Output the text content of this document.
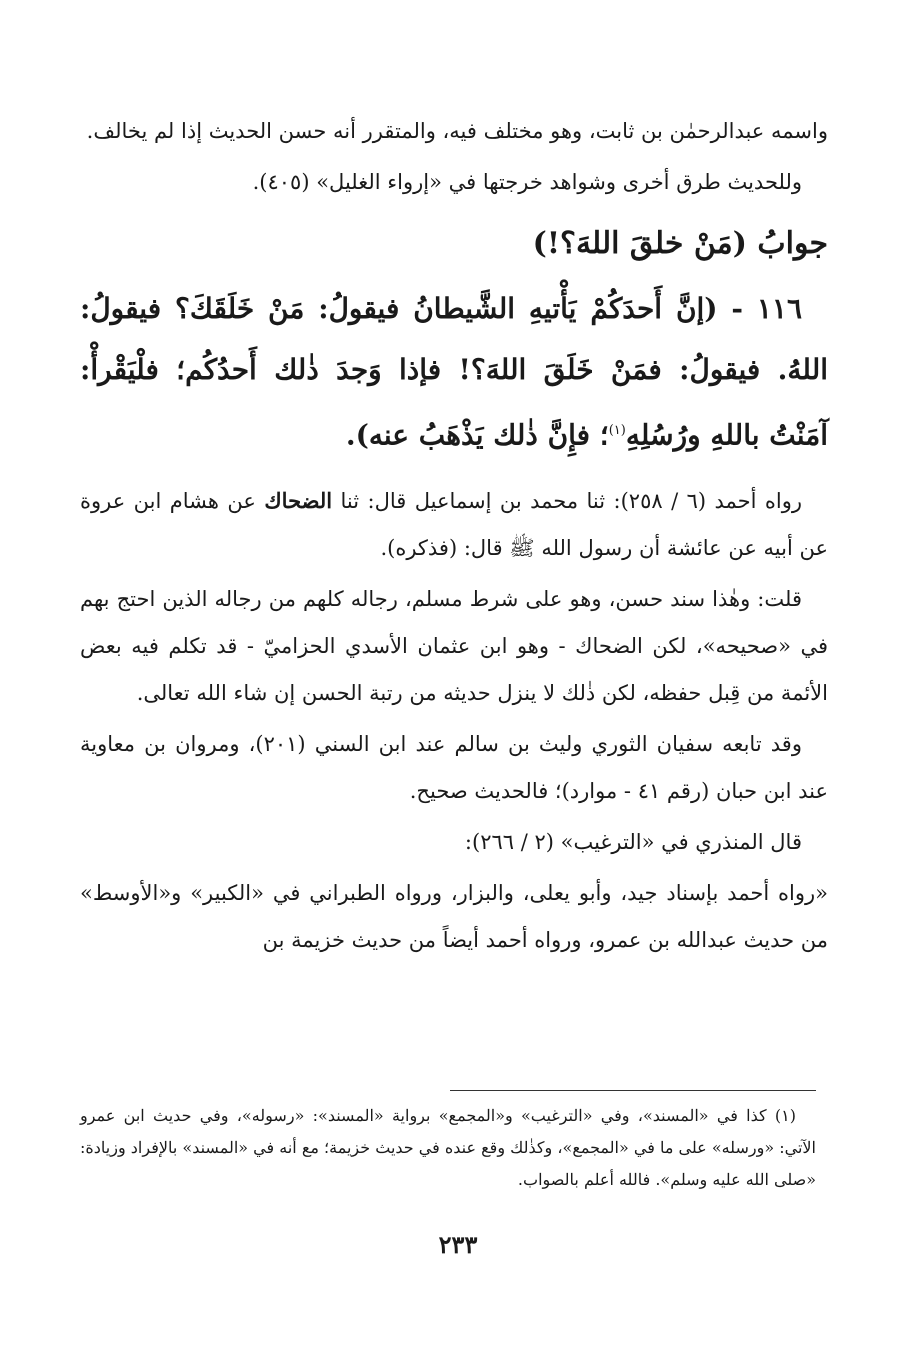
واسمه عبدالرحمٰن بن ثابت، وهو مختلف فيه، والمتقرر أنه حسن الحديث إذا لم يخالف.

وللحديث طرق أخرى وشواهد خرجتها في «إرواء الغليل» (٤٠٥).

جوابُ (مَنْ خلقَ اللهَ؟!)

١١٦ - (إنَّ أَحدَكُمْ يَأْتيهِ الشَّيطانُ فيقولُ: مَنْ خَلَقَكَ؟ فيقولُ: اللهُ. فيقولُ: فمَنْ خَلَقَ اللهَ؟! فإذا وَجدَ ذٰلك أَحدُكُم؛ فلْيَقْرأْ: آمَنْتُ باللهِ ورُسُلِهِ$^{(١)}$؛ فإِنَّ ذٰلك يَذْهَبُ عنه).

رواه أحمد (٦ / ٢٥٨): ثنا محمد بن إسماعيل قال: ثنا الضحاك عن هشام ابن عروة عن أبيه عن عائشة أن رسول الله ﷺ قال: (فذكره).

قلت: وهٰذا سند حسن، وهو على شرط مسلم، رجاله كلهم من رجاله الذين احتج بهم في «صحيحه»، لكن الضحاك - وهو ابن عثمان الأسدي الحزاميّ - قد تكلم فيه بعض الأئمة من قِبل حفظه، لكن ذٰلك لا ينزل حديثه من رتبة الحسن إن شاء الله تعالى.

وقد تابعه سفيان الثوري وليث بن سالم عند ابن السني (٢٠١)، ومروان بن معاوية عند ابن حبان (رقم ٤١ - موارد)؛ فالحديث صحيح.

قال المنذري في «الترغيب» (٢ / ٢٦٦):

«رواه أحمد بإسناد جيد، وأبو يعلى، والبزار، ورواه الطبراني في «الكبير» و«الأوسط» من حديث عبدالله بن عمرو، ورواه أحمد أيضاً من حديث خزيمة بن

(١) كذا في «المسند»، وفي «الترغيب» و«المجمع» برواية «المسند»: «رسوله»، وفي حديث ابن عمرو الآتي: «ورسله» على ما في «المجمع»، وكذٰلك وقع عنده في حديث خزيمة؛ مع أنه في «المسند» بالإفراد وزيادة: «صلى الله عليه وسلم». فالله أعلم بالصواب.

٢٣٣
